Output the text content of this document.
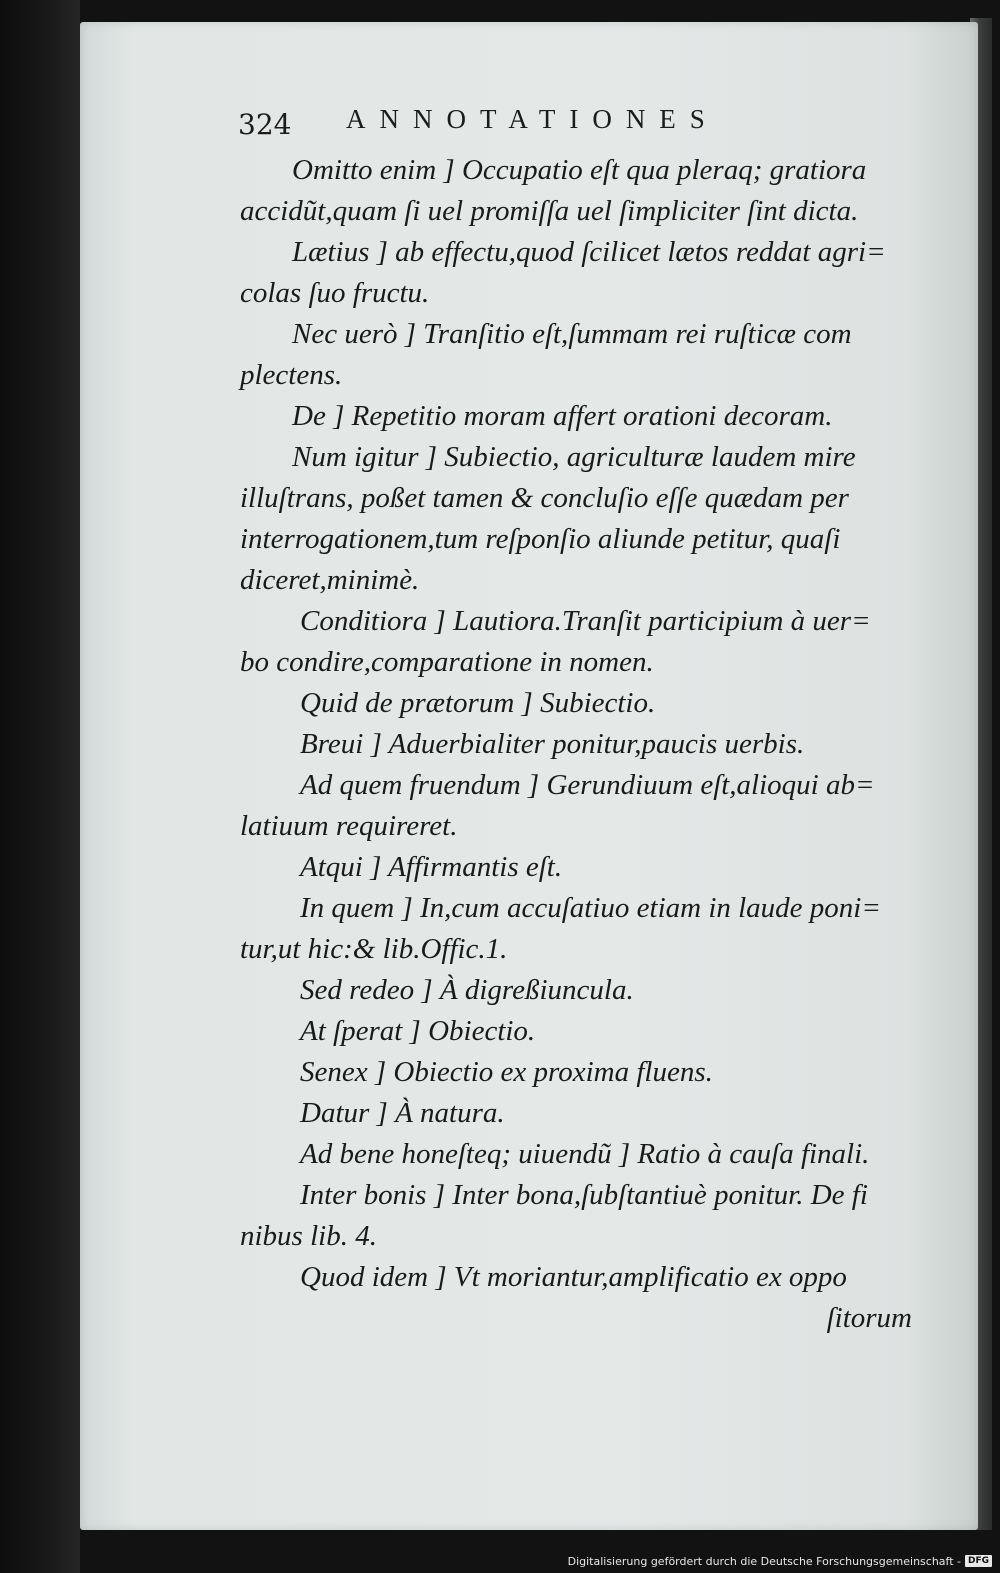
324 ANNOTATIONES
Omitto enim ] Occupatio eſt qua pleraq; gratiora
accidũt,quam ſi uel promiſſa uel ſimpliciter ſint dicta.
Lætius ] ab effectu,quod ſcilicet lætos reddat agri=
colas ſuo fructu.
Nec uerò ] Tranſitio eſt,ſummam rei ruſticæ com
plectens.
De ] Repetitio moram affert orationi decoram.
Num igitur ] Subiectio, agriculturæ laudem mire
illuſtrans, poßet tamen & concluſio eſſe quædam per
interrogationem,tum reſponſio aliunde petitur, quaſi
diceret,minimè.
Conditiora ] Lautiora.Tranſit participium à uer=
bo condire,comparatione in nomen.
Quid de prætorum ] Subiectio.
Breui ] Aduerbialiter ponitur,paucis uerbis.
Ad quem fruendum ] Gerundiuum eſt,alioqui ab=
latiuum requireret.
Atqui ] Affirmantis eſt.
In quem ] In,cum accuſatiuo etiam in laude poni=
tur,ut hic:& lib.Offic.1.
Sed redeo ] À digreßiuncula.
At ſperat ] Obiectio.
Senex ] Obiectio ex proxima fluens.
Datur ] À natura.
Ad bene honeſteq; uiuendũ ] Ratio à cauſa finali.
Inter bonis ] Inter bona,ſubſtantiuè ponitur. De fi
nibus lib. 4.
Quod idem ] Vt moriantur,amplificatio ex oppo
ſitorum
Digitalisierung gefördert durch die Deutsche Forschungsgemeinschaft - DFG
